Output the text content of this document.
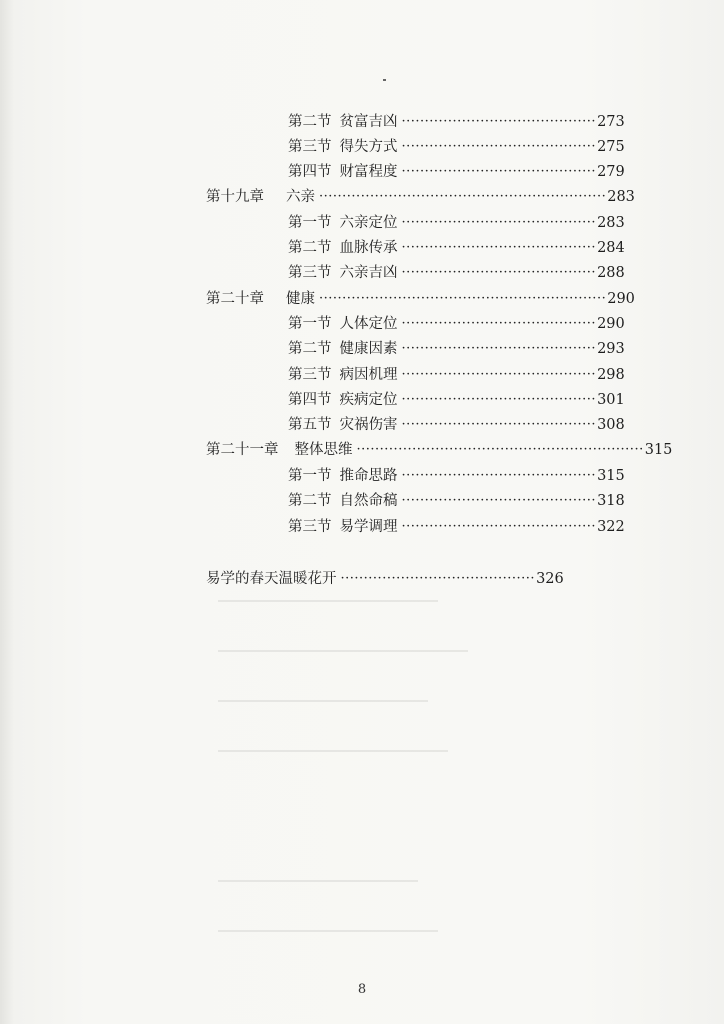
第二节 贫富吉凶 ·········································· 273
第三节 得失方式 ·········································· 275
第四节 财富程度 ·········································· 279
第十九章 六亲 ······························································ 283
第一节 六亲定位 ·········································· 283
第二节 血脉传承 ·········································· 284
第三节 六亲吉凶 ·········································· 288
第二十章 健康 ······························································ 290
第一节 人体定位 ·········································· 290
第二节 健康因素 ·········································· 293
第三节 病因机理 ·········································· 298
第四节 疾病定位 ·········································· 301
第五节 灾祸伤害 ·········································· 308
第二十一章 整体思维 ······························································ 315
第一节 推命思路 ·········································· 315
第二节 自然命稿 ·········································· 318
第三节 易学调理 ·········································· 322
易学的春天温暖花开 ·········································· 326
8
